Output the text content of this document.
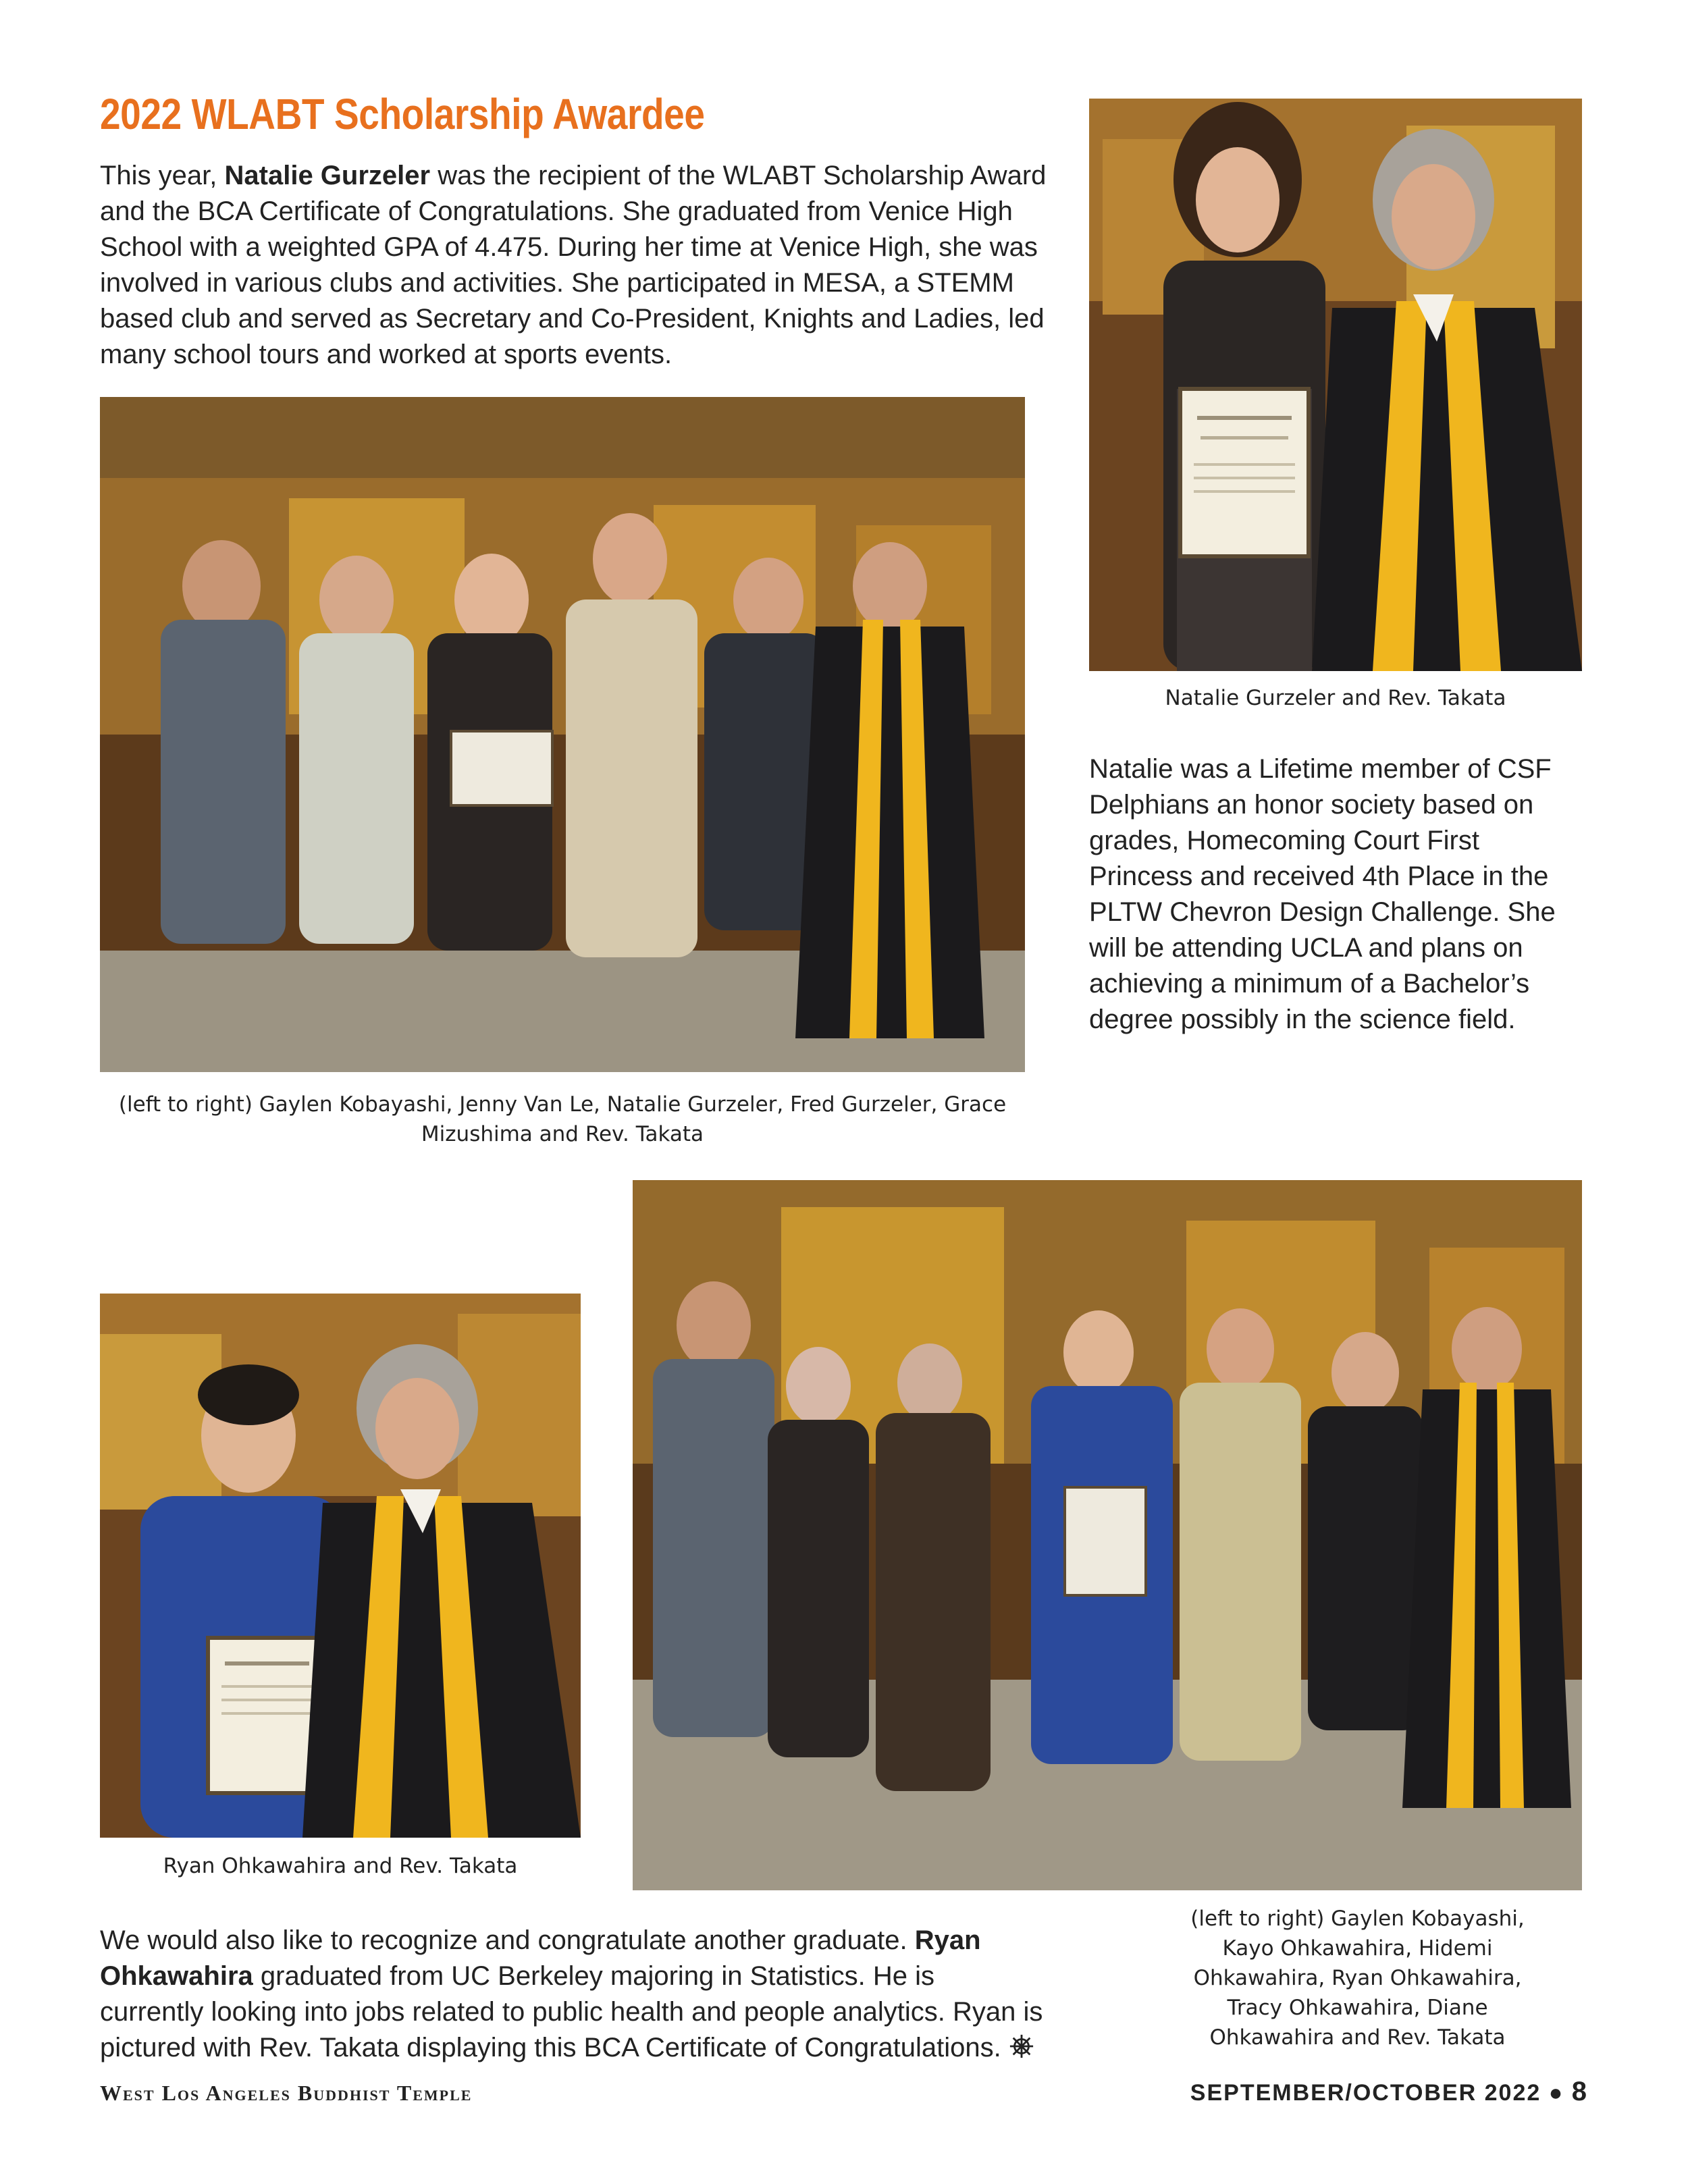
2022 WLABT Scholarship Awardee
This year, Natalie Gurzeler was the recipient of the WLABT Scholarship Award and the BCA Certificate of Congratulations. She graduated from Venice High School with a weighted GPA of 4.475. During her time at Venice High, she was involved in various clubs and activities. She participated in MESA, a STEMM based club and served as Secretary and Co-President, Knights and Ladies, led many school tours and worked at sports events.
Natalie Gurzeler and Rev. Takata
Natalie was a Lifetime member of CSF Delphians an honor society based on grades, Homecoming Court First Princess and received 4th Place in the PLTW Chevron Design Challenge. She will be attending UCLA and plans on achieving a minimum of a Bachelor’s degree possibly in the science field.
(left to right) Gaylen Kobayashi, Jenny Van Le, Natalie Gurzeler, Fred Gurzeler, Grace Mizushima and Rev. Takata
Ryan Ohkawahira and Rev. Takata
We would also like to recognize and congratulate another graduate. Ryan Ohkawahira graduated from UC Berkeley majoring in Statistics. He is currently looking into jobs related to public health and people analytics. Ryan is pictured with Rev. Takata displaying this BCA Certificate of Congratulations.
(left to right) Gaylen Kobayashi, Kayo Ohkawahira, Hidemi Ohkawahira, Ryan Ohkawahira, Tracy Ohkawahira, Diane Ohkawahira and Rev. Takata
West Los Angeles Buddhist Temple	SEPTEMBER/OCTOBER 2022 ● 8
